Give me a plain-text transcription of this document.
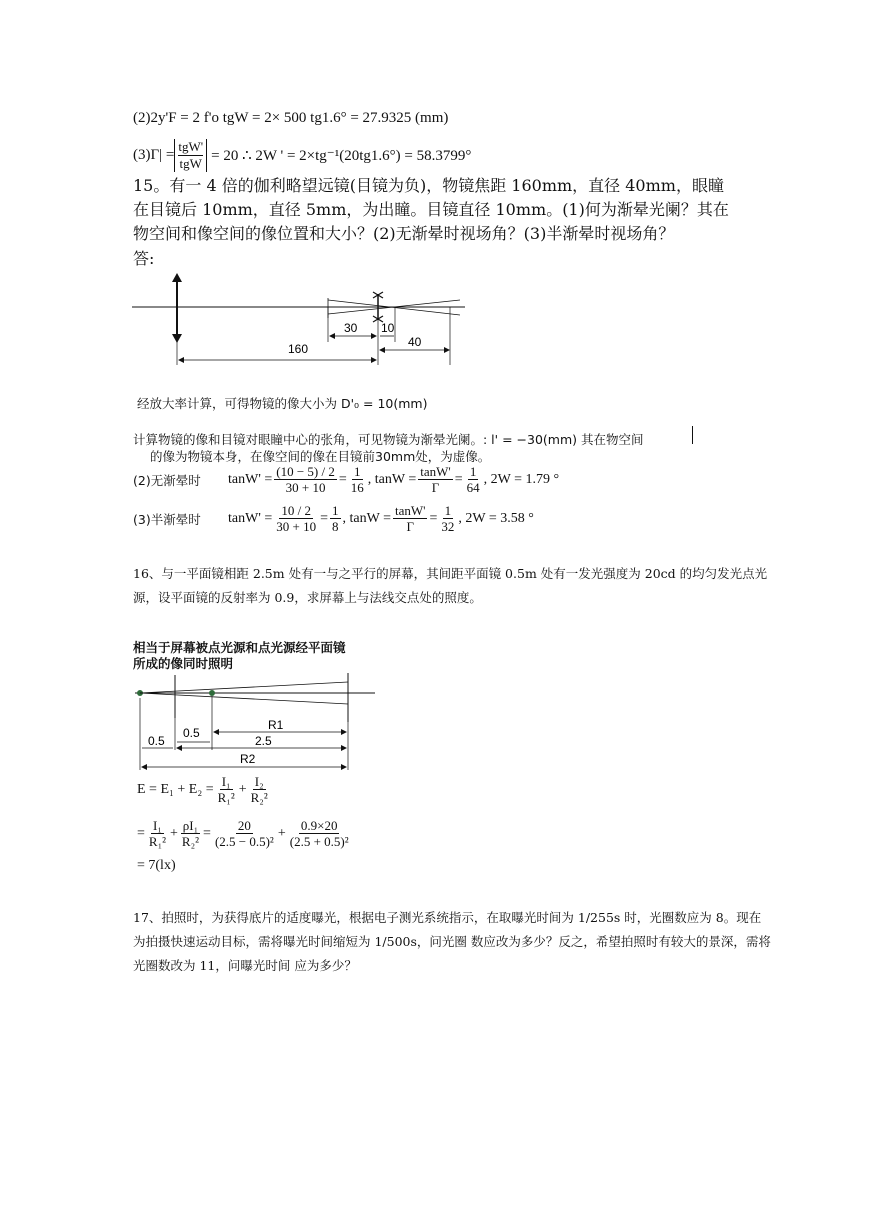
(2)2y'F = 2 f'o tgW = 2× 500 tg1.6° = 27.9325 (mm)
(3)Γ| =
tgW'
tgW = 20 ∴ 2W ' = 2×tg⁻¹(20tg1.6°) = 58.3799°
15。有一 4 倍的伽利略望远镜(目镜为负)，物镜焦距 160mm，直径 40mm，眼瞳在目镜后 10mm，直径 5mm，为出瞳。目镜直径 10mm。(1)何为渐晕光阑？其在 物空间和像空间的像位置和大小？(2)无渐晕时视场角？(3)半渐晕时视场角？
答:
30 10
160	40
经放大率计算，可得物镜的像大小为 D'₀ = 10(mm)
计算物镜的像和目镜对眼瞳中心的张角，可见物镜为渐晕光阑。: l' = −30(mm) 其在物空间
的像为物镜本身，在像空间的像在目镜前30mm处，为虚像。
(2)无渐晕时	$\tan W' = \frac{(10 - 5) / 2}{30 + 10} = \frac{1}{16}$ , $\tan W = \frac{\tan W'}{\Gamma} = \frac{1}{64}$ , 2W = 1.79 °
(3)半渐晕时	$\tan W' = \frac{10 / 2}{30 + 10} = \frac{1}{8}$ , $\tan W = \frac{\tan W'}{\Gamma} = \frac{1}{32}$ , 2W = 3.58 °
16、与一平面镜相距 2.5m 处有一与之平行的屏幕，其间距平面镜 0.5m 处有一发光强度为 20cd 的均匀发光点光源，设平面镜的反射率为 0.9，求屏幕上与法线交点处的照度。
相当于屏幕被点光源和点光源经平面镜
所成的像同时照明
R1
0.5
2.5
0.5
R2
$E = E_1 + E_2 = \frac{\text{I₁}}{\text{R₁²}} + \frac{\text{I₂}}{\text{R₂²}}$
= $\frac{\text{I₁}}{\text{R₁²}} + \frac{\text{ρI₁}}{\text{R₂²}} = \frac{20}{\text{(2.5 − 0.5)²}} + \frac{0.9\times 20}{\text{(2.5 + 0.5)²}}$
= 7(lx)
17、拍照时，为获得底片的适度曝光，根据电子测光系统指示，在取曝光时间为 1/255s 时，光圈数应为 8。现在为拍摄快速运动目标，需将曝光时间缩短为 1/500s，问光圈 数应改为多少？反之，希望拍照时有较大的景深，需将光圈数改为 11，问曝光时间 应为多少？
